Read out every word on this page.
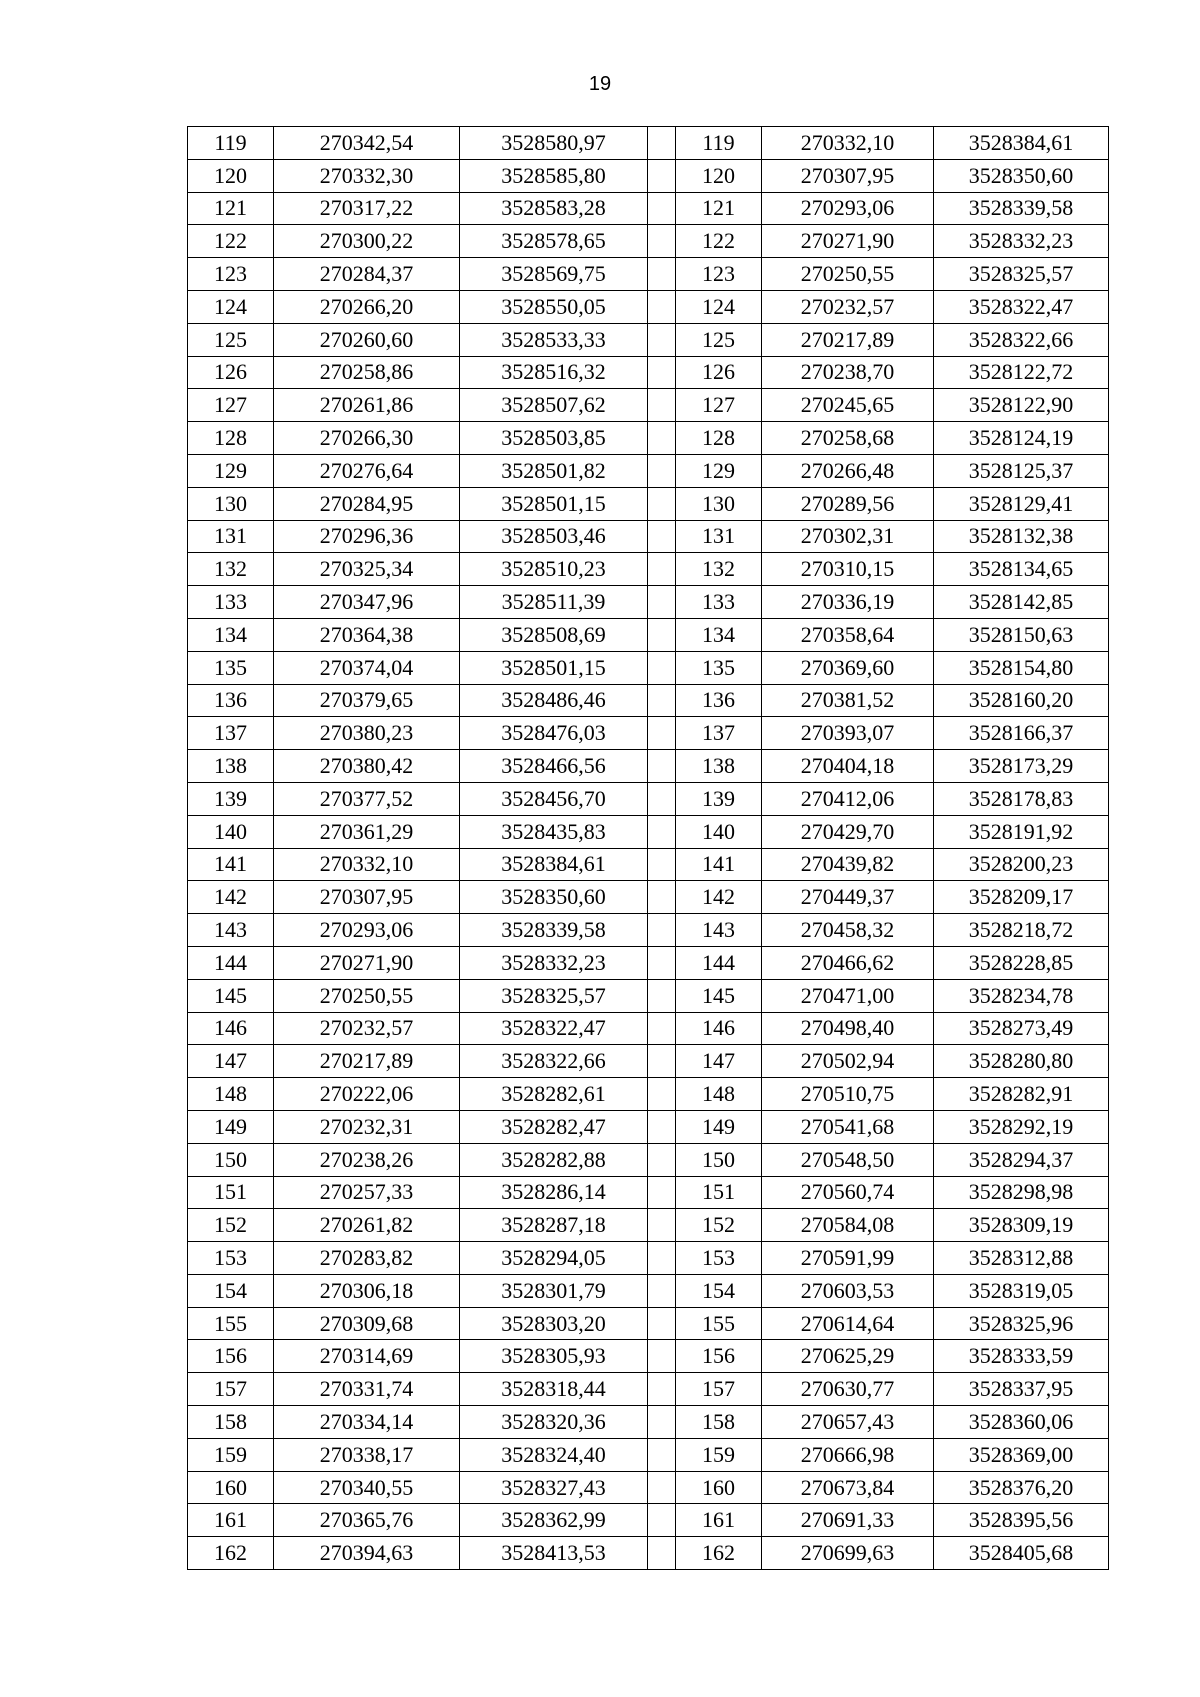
19
119	270342,54	3528580,97		119	270332,10	3528384,61
120	270332,30	3528585,80		120	270307,95	3528350,60
121	270317,22	3528583,28		121	270293,06	3528339,58
122	270300,22	3528578,65		122	270271,90	3528332,23
123	270284,37	3528569,75		123	270250,55	3528325,57
124	270266,20	3528550,05		124	270232,57	3528322,47
125	270260,60	3528533,33		125	270217,89	3528322,66
126	270258,86	3528516,32		126	270238,70	3528122,72
127	270261,86	3528507,62		127	270245,65	3528122,90
128	270266,30	3528503,85		128	270258,68	3528124,19
129	270276,64	3528501,82		129	270266,48	3528125,37
130	270284,95	3528501,15		130	270289,56	3528129,41
131	270296,36	3528503,46		131	270302,31	3528132,38
132	270325,34	3528510,23		132	270310,15	3528134,65
133	270347,96	3528511,39		133	270336,19	3528142,85
134	270364,38	3528508,69		134	270358,64	3528150,63
135	270374,04	3528501,15		135	270369,60	3528154,80
136	270379,65	3528486,46		136	270381,52	3528160,20
137	270380,23	3528476,03		137	270393,07	3528166,37
138	270380,42	3528466,56		138	270404,18	3528173,29
139	270377,52	3528456,70		139	270412,06	3528178,83
140	270361,29	3528435,83		140	270429,70	3528191,92
141	270332,10	3528384,61		141	270439,82	3528200,23
142	270307,95	3528350,60		142	270449,37	3528209,17
143	270293,06	3528339,58		143	270458,32	3528218,72
144	270271,90	3528332,23		144	270466,62	3528228,85
145	270250,55	3528325,57		145	270471,00	3528234,78
146	270232,57	3528322,47		146	270498,40	3528273,49
147	270217,89	3528322,66		147	270502,94	3528280,80
148	270222,06	3528282,61		148	270510,75	3528282,91
149	270232,31	3528282,47		149	270541,68	3528292,19
150	270238,26	3528282,88		150	270548,50	3528294,37
151	270257,33	3528286,14		151	270560,74	3528298,98
152	270261,82	3528287,18		152	270584,08	3528309,19
153	270283,82	3528294,05		153	270591,99	3528312,88
154	270306,18	3528301,79		154	270603,53	3528319,05
155	270309,68	3528303,20		155	270614,64	3528325,96
156	270314,69	3528305,93		156	270625,29	3528333,59
157	270331,74	3528318,44		157	270630,77	3528337,95
158	270334,14	3528320,36		158	270657,43	3528360,06
159	270338,17	3528324,40		159	270666,98	3528369,00
160	270340,55	3528327,43		160	270673,84	3528376,20
161	270365,76	3528362,99		161	270691,33	3528395,56
162	270394,63	3528413,53		162	270699,63	3528405,68
